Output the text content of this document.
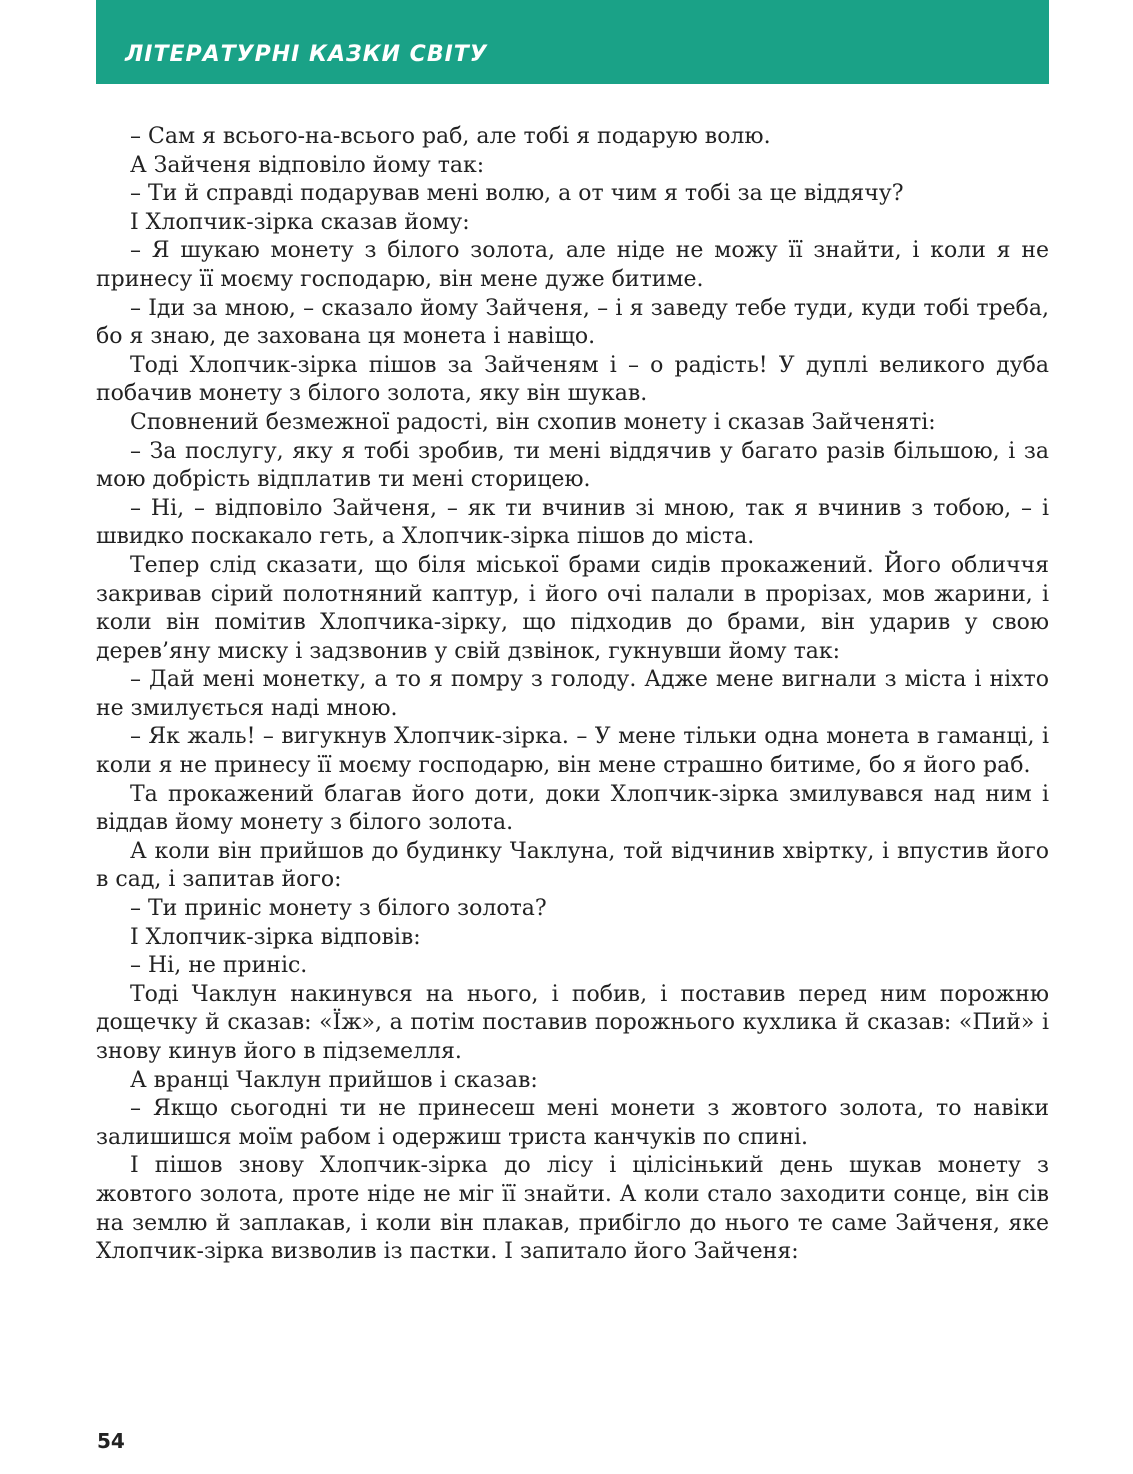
ЛІТЕРАТУРНІ КАЗКИ СВІТУ

– Сам я всього-на-всього раб, але тобі я подарую волю.

А Зайченя відповіло йому так:

– Ти й справді подарував мені волю, а от чим я тобі за це віддячу?

І Хлопчик-зірка сказав йому:

– Я шукаю монету з білого золота, але ніде не можу її знайти, і коли я не принесу її моєму господарю, він мене дуже битиме.

– Іди за мною, – сказало йому Зайченя, – і я заведу тебе туди, куди тобі треба, бо я знаю, де захована ця монета і навіщо.

Тоді Хлопчик-зірка пішов за Зайченям і – о радість! У дуплі великого дуба побачив монету з білого золота, яку він шукав.

Сповнений безмежної радості, він схопив монету і сказав Зайченяті:

– За послугу, яку я тобі зробив, ти мені віддячив у багато разів більшою, і за мою добрість відплатив ти мені сторицею.

– Ні, – відповіло Зайченя, – як ти вчинив зі мною, так я вчинив з тобою, – і швидко поскакало геть, а Хлопчик-зірка пішов до міста.

Тепер слід сказати, що біля міської брами сидів прокажений. Його обличчя закривав сірий полотняний каптур, і його очі палали в прорізах, мов жарини, і коли він помітив Хлопчика-зірку, що підходив до брами, він ударив у свою дерев’яну миску і задзвонив у свій дзвінок, гукнувши йому так:

– Дай мені монетку, а то я помру з голоду. Адже мене вигнали з міста і ніхто не змилується наді мною.

– Як жаль! – вигукнув Хлопчик-зірка. – У мене тільки одна монета в гаманці, і коли я не принесу її моєму господарю, він мене страшно битиме, бо я його раб.

Та прокажений благав його доти, доки Хлопчик-зірка змилувався над ним і віддав йому монету з білого золота.

А коли він прийшов до будинку Чаклуна, той відчинив хвіртку, і впустив його в сад, і запитав його:

– Ти приніс монету з білого золота?

І Хлопчик-зірка відповів:

– Ні, не приніс.

Тоді Чаклун накинувся на нього, і побив, і поставив перед ним порожню дощечку й сказав: «Їж», а потім поставив порожнього кухлика й сказав: «Пий» і знову кинув його в підземелля.

А вранці Чаклун прийшов і сказав:

– Якщо сьогодні ти не принесеш мені монети з жовтого золота, то навіки залишишся моїм рабом і одержиш триста канчуків по спині.

І пішов знову Хлопчик-зірка до лісу і цілісінький день шукав монету з жовтого золота, проте ніде не міг її знайти. А коли стало заходити сонце, він сів на землю й заплакав, і коли він плакав, прибігло до нього те саме Зайченя, яке Хлопчик-зірка визволив із пастки. І запитало його Зайченя:

54
